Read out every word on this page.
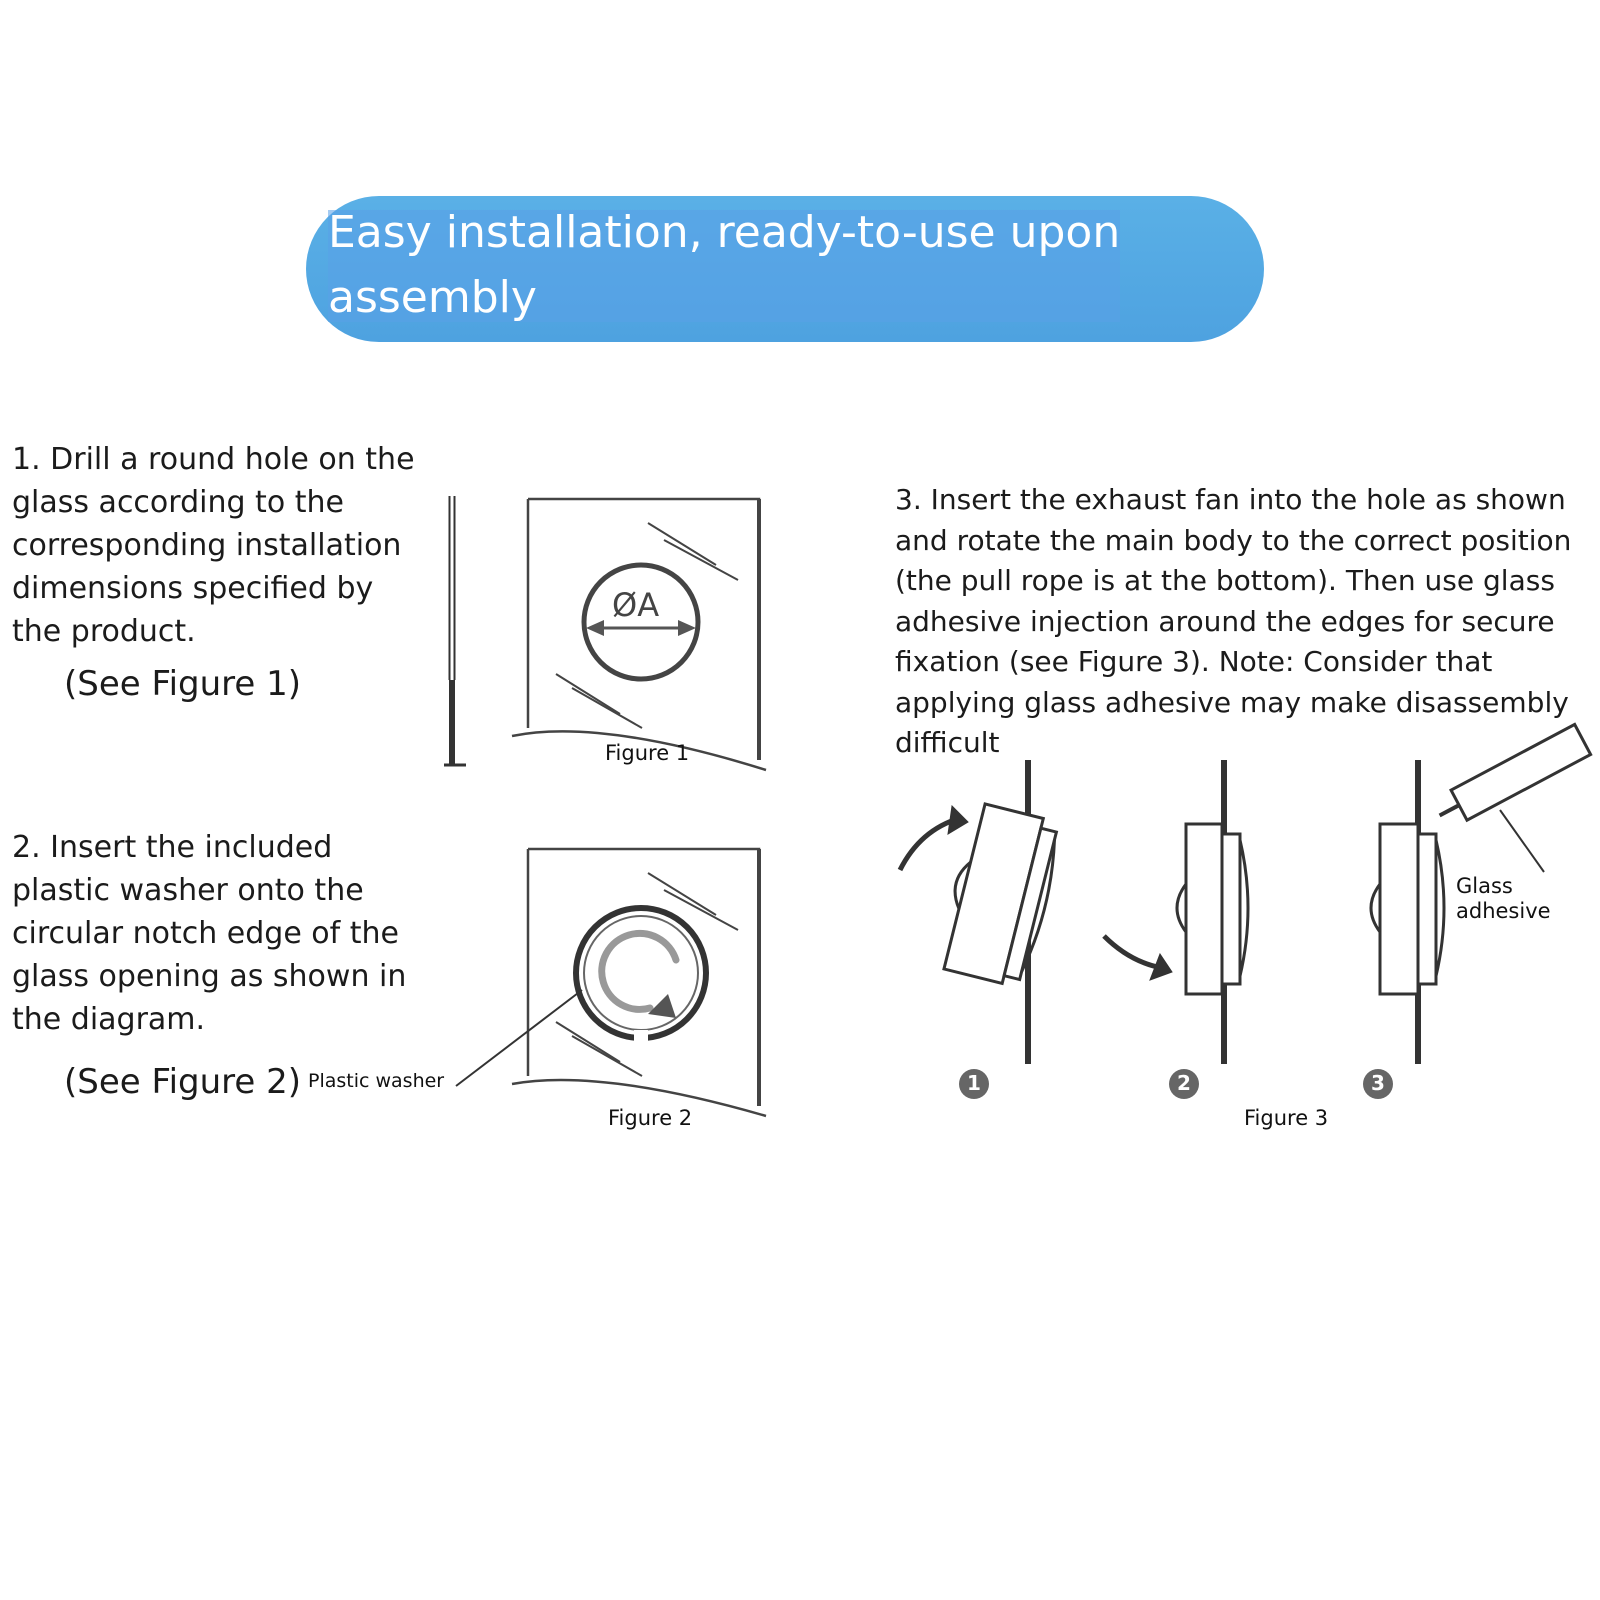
Easy installation, ready-to-use upon assembly
1. Drill a round hole on the glass according to the corresponding installation dimensions specified by the product.
(See Figure 1)
2. Insert the included plastic washer onto the circular notch edge of the glass opening as shown in the diagram.
(See Figure 2)
3. Insert the exhaust fan into the hole as shown and rotate the main body to the correct position (the pull rope is at the bottom). Then use glass adhesive injection around the edges for secure fixation (see Figure 3). Note: Consider that applying glass adhesive may make disassembly difficult
1	2	3
ØA
Figure 1
Figure 2	Figure 3
Plastic washer
Glass adhesive
